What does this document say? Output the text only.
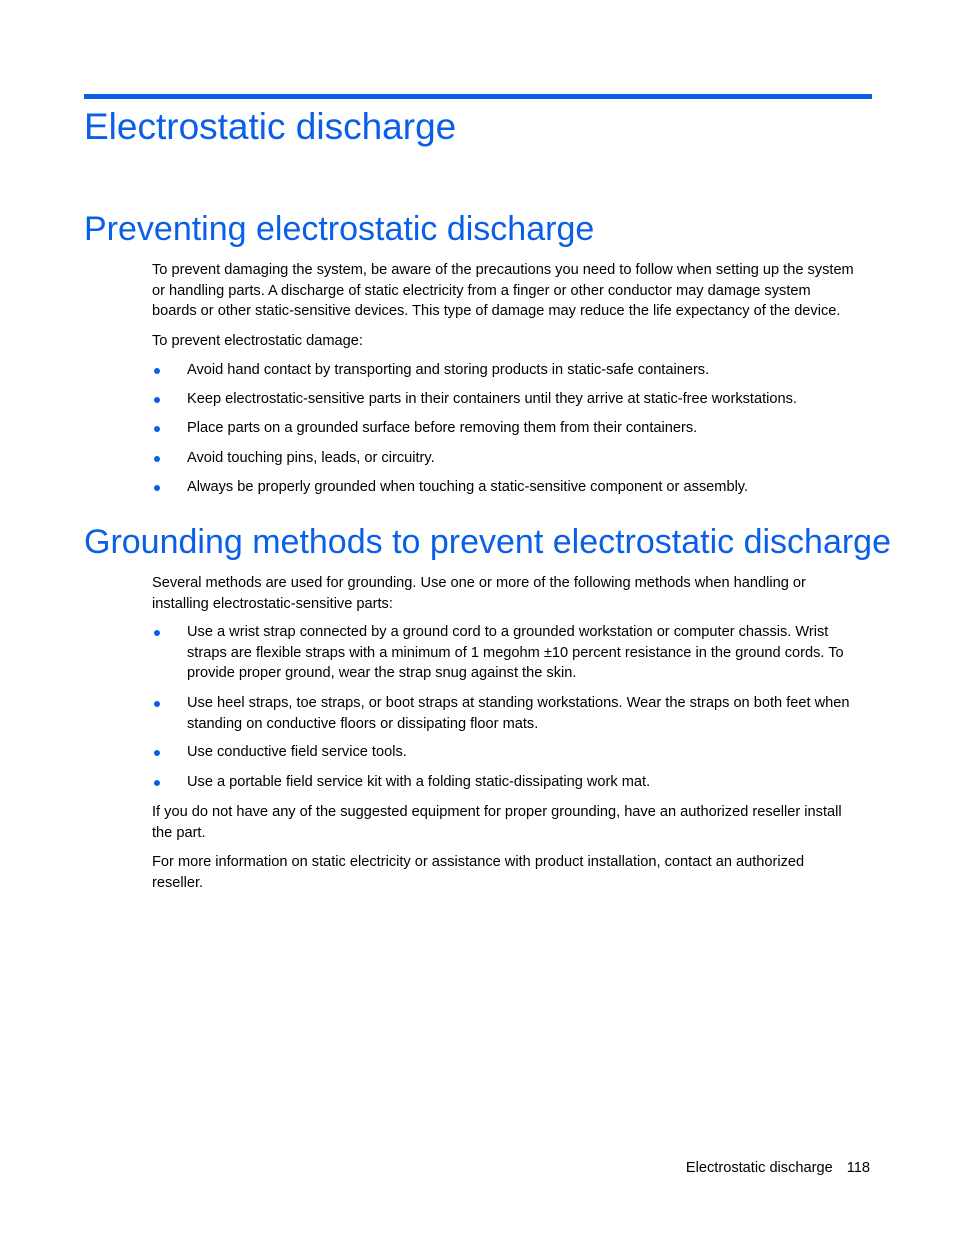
Electrostatic discharge
Preventing electrostatic discharge

To prevent damaging the system, be aware of the precautions you need to follow when setting up the system
or handling parts. A discharge of static electricity from a finger or other conductor may damage system
boards or other static-sensitive devices. This type of damage may reduce the life expectancy of the device.

To prevent electrostatic damage:

Avoid hand contact by transporting and storing products in static-safe containers.
Keep electrostatic-sensitive parts in their containers until they arrive at static-free workstations.
Place parts on a grounded surface before removing them from their containers.
Avoid touching pins, leads, or circuitry.
Always be properly grounded when touching a static-sensitive component or assembly.
Grounding methods to prevent electrostatic discharge

Several methods are used for grounding. Use one or more of the following methods when handling or
installing electrostatic-sensitive parts:

Use a wrist strap connected by a ground cord to a grounded workstation or computer chassis. Wrist
straps are flexible straps with a minimum of 1 megohm ±10 percent resistance in the ground cords. To
provide proper ground, wear the strap snug against the skin.
Use heel straps, toe straps, or boot straps at standing workstations. Wear the straps on both feet when
standing on conductive floors or dissipating floor mats.
Use conductive field service tools.
Use a portable field service kit with a folding static-dissipating work mat.

If you do not have any of the suggested equipment for proper grounding, have an authorized reseller install
the part.

For more information on static electricity or assistance with product installation, contact an authorized
reseller.

Electrostatic discharge 118
